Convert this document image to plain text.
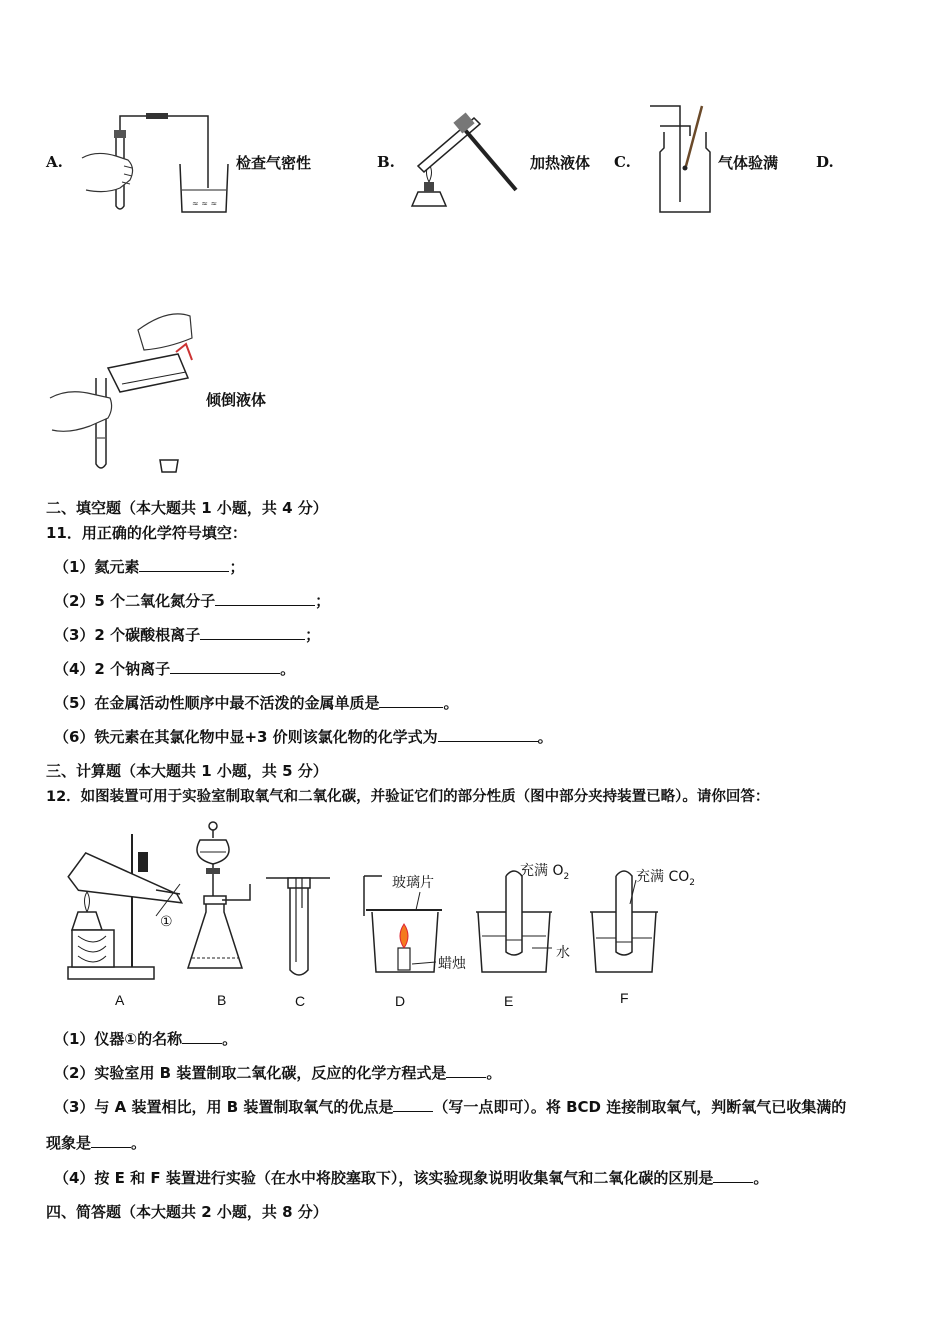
A.
≈ ≈ ≈
检查气密性	B.	加热液体 C.	气体验满	D.
倾倒液体
二、填空题（本大题共 1 小题，共 4 分）
11．用正确的化学符号填空：
（1）氦元素	；
（2）5 个二氧化氮分子	；
（3）2 个碳酸根离子	；
（4）2 个钠离子	。
（5）在金属活动性顺序中最不活泼的金属单质是	。
（6）铁元素在其氯化物中显+3 价则该氯化物的化学式为	。
三、计算题（本大题共 1 小题，共 5 分）
12．如图装置可用于实验室制取氧气和二氧化碳，并验证它们的部分性质（图中部分夹持装置已略）。请你回答：
①
玻璃片
蜡烛
水
充满 $O_2$	充满 $CO_2$
A	B	C	D	E	F
（1）仪器①的名称	。
（2）实验室用 B 装置制取二氧化碳，反应的化学方程式是	。
（3）与 A 装置相比，用 B 装置制取氧气的优点是	（写一点即可）。将 BCD 连接制取氧气，判断氧气已收集满的
现象是	。
（4）按 E 和 F 装置进行实验（在水中将胶塞取下），该实验现象说明收集氧气和二氧化碳的区别是	。
四、简答题（本大题共 2 小题，共 8 分）
